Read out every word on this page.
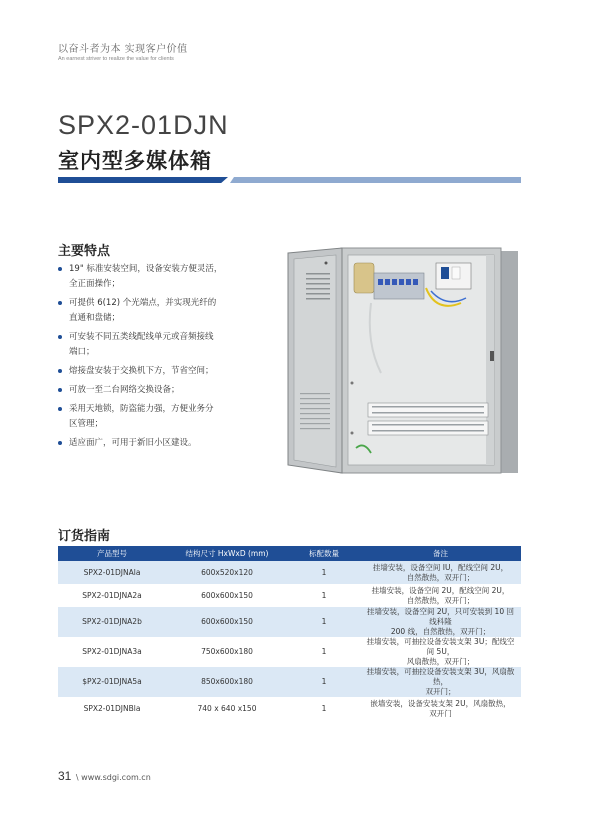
以奋斗者为本 实现客户价值
An earnest striver to realize the value for clients
SPX2-01DJN
室内型多媒体箱
主要特点
19" 标准安装空间，设备安装方便灵活，
全正面操作；
可提供 6(12) 个光端点，并实现光纤的
直通和盘储；
可安装不同五类线配线单元或音频接线
端口；
熔接盘安装于交换机下方，节省空间；
可放一至二台网络交换设备；
采用天地锁，防盗能力强，方便业务分
区管理；
适应面广，可用于新旧小区建设。
订货指南
产品型号	结构尺寸 HxWxD (mm)	标配数量	备注
SPX2-01DJNAla	600x520x120	1	挂墙安装，设备空间 IU，配线空间 2U，
自然散热，双开门；
SPX2-01DJNA2a	600x600x150	1	挂墙安装，设备空间 2U，配线空间 2U，
自然散热，双开门；
SPX2-01DJNA2b	600x600x150	1	挂墙安装，设备空间 2U，只可安装到 10 回线科隆
200 线，自然散热，双开门；
SPX2-01DJNA3a	750x600x180	1	挂墙安装，可抽拉设备安装支架 3U；配线空间 5U，
风扇散热，双开门；
$PX2-01DJNA5a	850x600x180	1	挂墙安装，可抽拉设备安装支架 3U，风扇散热，
双开门；
SPX2-01DJNBla	740 x 640 x150	1	嵌墙安装，设备安装支架 2U，风扇散热，
双开门
31 \ www.sdgi.com.cn
